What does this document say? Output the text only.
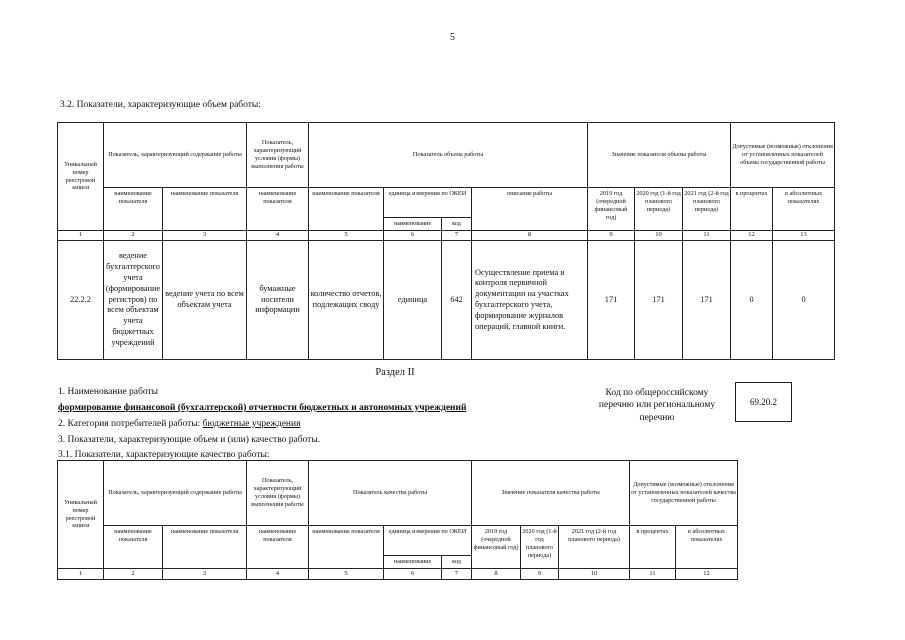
5
3.2. Показатели, характеризующие объем работы:
Уникальный номер реестровой записи	Показатель, характеризующий содержание работы		Показатель, характеризующий условия (формы) выполнения работы	Показатель объема работы				Значение показателя объема работы			Допустимые (возможные) отклонения от установленных показателей объема государственной работы	
	наименование показателя	наименование показателя	наименование показателя	наименование показателя	единица измерения по ОКЕИ		описание работы	2019 год (очередной финансовый год)	2020 год (1-й год планового периода)	2021 год (2-й год планового периода)	в процентах	в абсолютных показателях
					наименование	код						
1	2	3	4	5	6	7	8	9	10	11	12	13
22.2.2	ведение бухгалтерского учета (формирование регистров) по всем объектам учета бюджетных учреждений	ведение учета по всем объектам учета	бумажные носители информации	количество отчетов, подлежащих своду	единица	642	Осуществление приема и контроля первичной документации на участках бухгалтерского учета, формирование журналов операций, главной книги.	171	171	171	0	0
Раздел II
1. Наименование работы
формирование финансовой (бухгалтерской) отчетности бюджетных и автономных учреждений
2. Категория потребителей работы: бюджетные учреждения
3. Показатели, характеризующие объем и (или) качество работы.
3.1. Показатели, характеризующие качество работы:
Код по общероссийскому перечню или региональному перечню
69.20.2
Уникальный номер реестровой записи	Показатель, характеризующий содержание работы		Показатель, характеризующий условия (формы) выполнения работы	Показатель качества работы			Значение показателя качества работы			Допустимые (возможные) отклонения от установленных показателей качества государственной работы	
	наименование показателя	наименование показателя	наименование показателя	наименование показателя	единица измерения по ОКЕИ		2019 год (очередной финансовый год)	2020 год (1-й год планового периода)	2021 год (2-й год планового периода)	в процентах	в абсолютных показателях
					наименование	код					
1	2	3	4	5	6	7	8	9	10	11	12
